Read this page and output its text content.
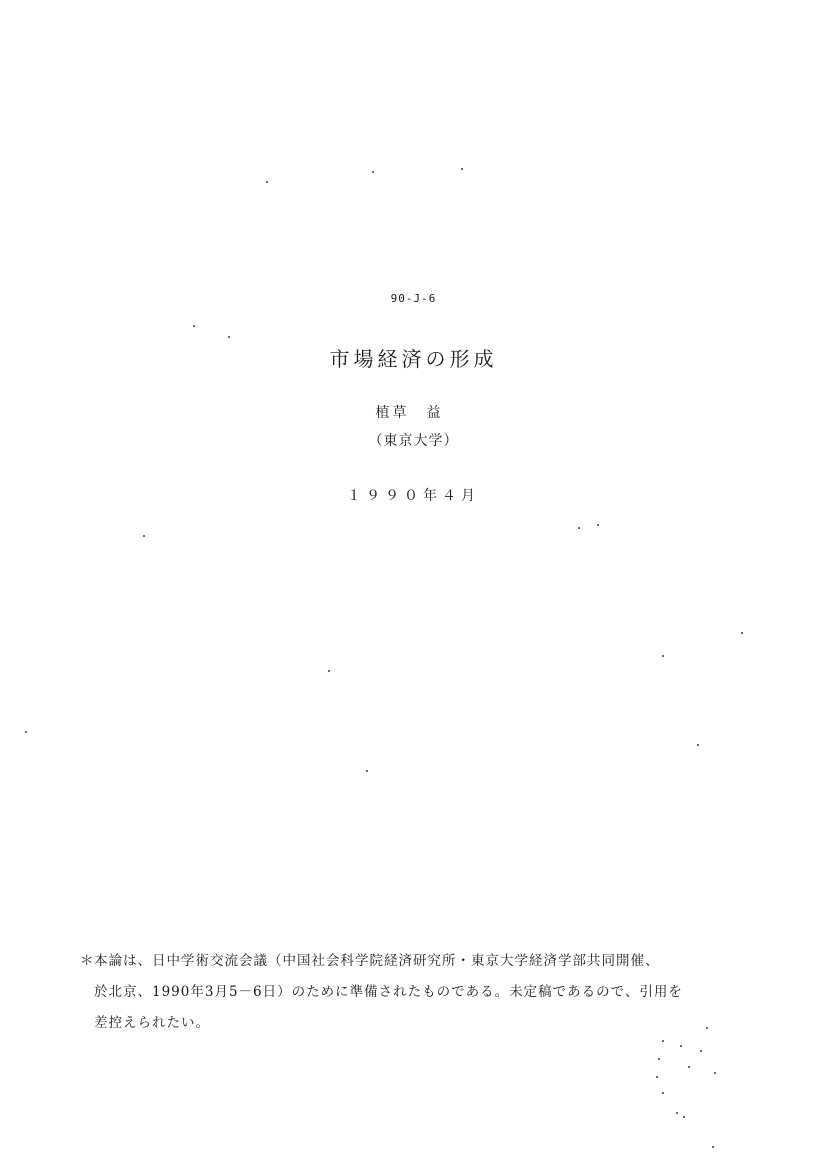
90-J-6
市場経済の形成
植草　益
（東京大学）
１９９０年４月
＊本論は、日中学術交流会議（中国社会科学院経済研究所・東京大学経済学部共同開催、
於北京、1990年3月5－6日）のために準備されたものである。未定稿であるので、引用を
差控えられたい。
